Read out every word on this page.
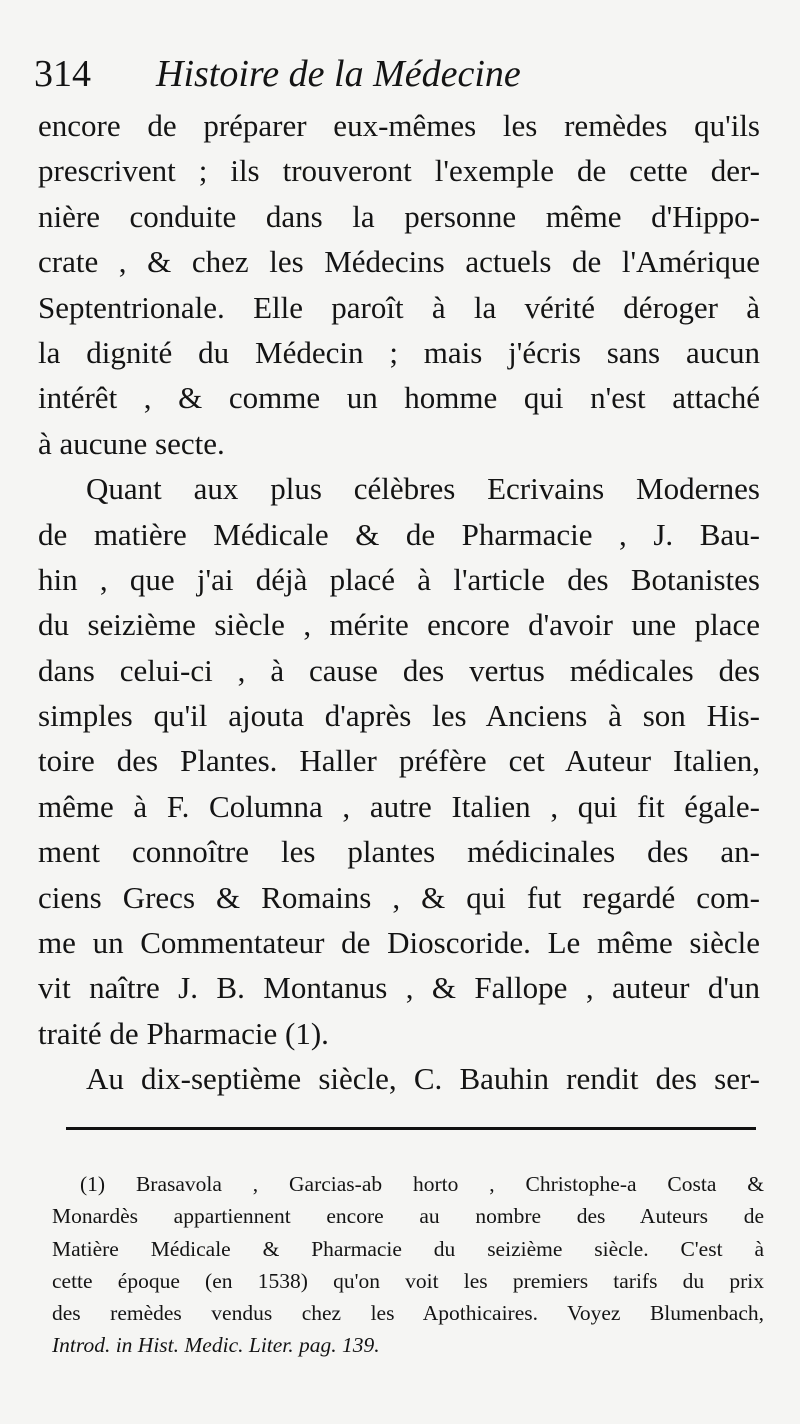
314 Histoire de la Médecine
encore de préparer eux-mêmes les remèdes qu'ils
prescrivent ; ils trouveront l'exemple de cette der-
nière conduite dans la personne même d'Hippo-
crate , & chez les Médecins actuels de l'Amérique
Septentrionale. Elle paroît à la vérité déroger à
la dignité du Médecin ; mais j'écris sans aucun
intérêt , & comme un homme qui n'est attaché
à aucune secte.
Quant aux plus célèbres Ecrivains Modernes
de matière Médicale & de Pharmacie , J. Bau-
hin , que j'ai déjà placé à l'article des Botanistes
du seizième siècle , mérite encore d'avoir une place
dans celui-ci , à cause des vertus médicales des
simples qu'il ajouta d'après les Anciens à son His-
toire des Plantes. Haller préfère cet Auteur Italien,
même à F. Columna , autre Italien , qui fit égale-
ment connoître les plantes médicinales des an-
ciens Grecs & Romains , & qui fut regardé com-
me un Commentateur de Dioscoride. Le même siècle
vit naître J. B. Montanus , & Fallope , auteur d'un
traité de Pharmacie (1).
Au dix-septième siècle, C. Bauhin rendit des ser-
(1) Brasavola , Garcias-ab horto , Christophe-a Costa &
Monardès appartiennent encore au nombre des Auteurs de
Matière Médicale & Pharmacie du seizième siècle. C'est à
cette époque (en 1538) qu'on voit les premiers tarifs du prix
des remèdes vendus chez les Apothicaires. Voyez Blumenbach,
Introd. in Hist. Medic. Liter. pag. 139.
